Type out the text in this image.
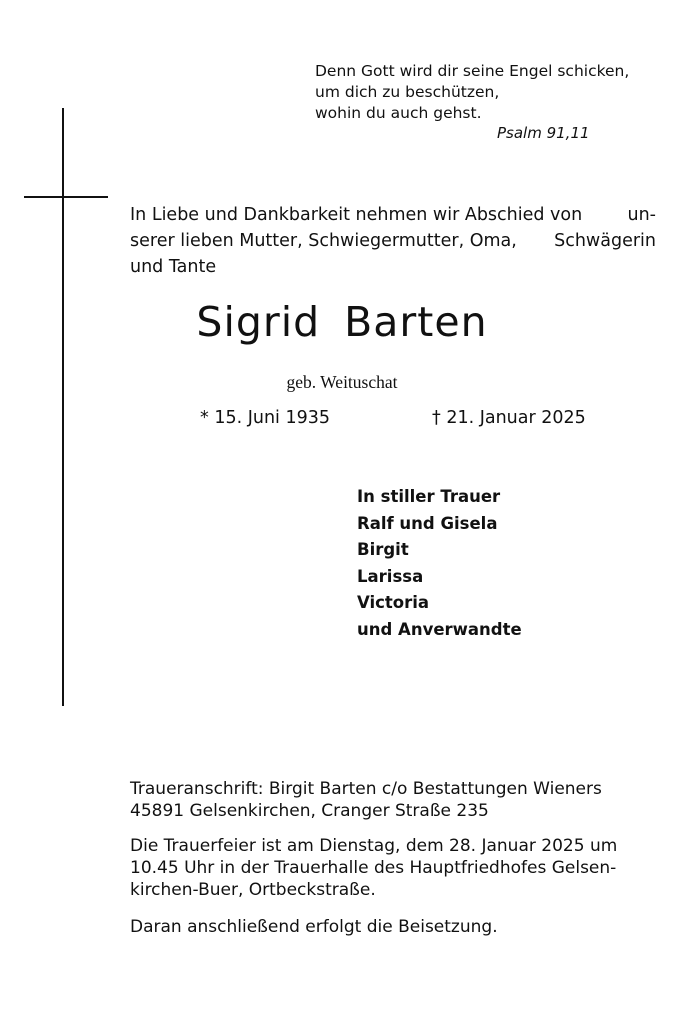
Denn Gott wird dir seine Engel schicken,
um dich zu beschützen,
wohin du auch gehst.
Psalm 91,11
In Liebe und Dankbarkeit nehmen wir Abschied von	un-
serer lieben Mutter, Schwiegermutter, Oma, Schwägerin
und Tante
Sigrid Barten
geb. Weituschat
* 15. Juni 1935	† 21. Januar 2025
In stiller Trauer
Ralf und Gisela
Birgit
Larissa
Victoria
und Anverwandte
Traueranschrift: Birgit Barten c/o Bestattungen Wieners
45891 Gelsenkirchen, Cranger Straße 235
Die Trauerfeier ist am Dienstag, dem 28. Januar 2025 um
10.45 Uhr in der Trauerhalle des Hauptfriedhofes Gelsen-
kirchen-Buer, Ortbeckstraße.
Daran anschließend erfolgt die Beisetzung.
